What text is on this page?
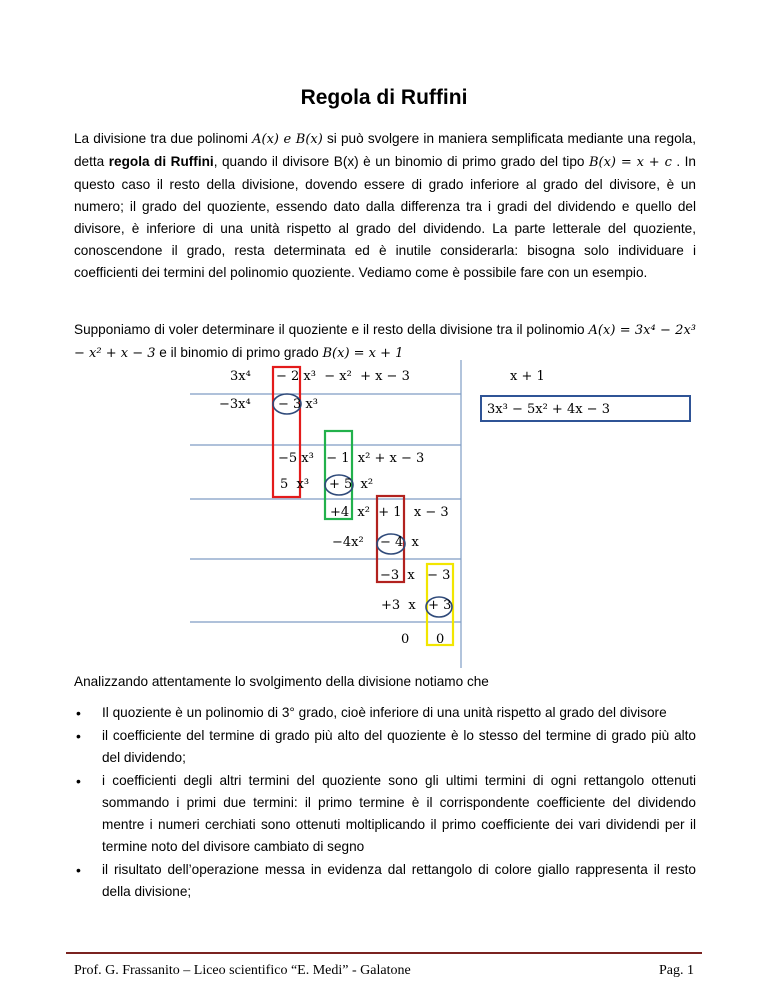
Regola di Ruffini

La divisione tra due polinomi A(x) e B(x) si può svolgere in maniera semplificata mediante una regola, detta regola di Ruffini, quando il divisore B(x) è un binomio di primo grado del tipo B(x) = x + c . In questo caso il resto della divisione, dovendo essere di grado inferiore al grado del divisore, è un numero; il grado del quoziente, essendo dato dalla differenza tra i gradi del dividendo e quello del divisore, è inferiore di una unità rispetto al grado del dividendo. La parte letterale del quoziente, conoscendone il grado, resta determinata ed è inutile considerarla: bisogna solo individuare i coefficienti dei termini del polinomio quoziente. Vediamo come è possibile fare con un esempio.

Supponiamo di voler determinare il quoziente e il resto della divisione tra il polinomio A(x) = 3x⁴ − 2x³ − x² + x − 3 e il binomio di primo grado B(x) = x + 1

3x⁴ − 2 x³  − x²  + x − 3	x + 1
−3x⁴ − 3 x³	3x³ − 5x² + 4x − 3
−5 x³   − 1  x² + x − 3
5  x³ + 5  x²
+4  x²  + 1   x − 3
−4x² − 4  x
−3  x   − 3
+3  x   + 3
0 0

Analizzando attentamente lo svolgimento della divisione notiamo che

• Il quoziente è un polinomio di 3° grado, cioè inferiore di una unità rispetto al grado del divisore
• il coefficiente del termine di grado più alto del quoziente è lo stesso del termine di grado più alto del dividendo;
• i coefficienti degli altri termini del quoziente sono gli ultimi termini di ogni rettangolo ottenuti sommando i primi due termini: il primo termine è il corrispondente coefficiente del dividendo mentre i numeri cerchiati sono ottenuti moltiplicando il primo coefficiente dei vari dividendi per il termine noto del divisore cambiato di segno
• il risultato dell’operazione messa in evidenza dal rettangolo di colore giallo rappresenta il resto della divisione;
Prof. G. Frassanito – Liceo scientifico “E. Medi” - Galatone	Pag. 1
